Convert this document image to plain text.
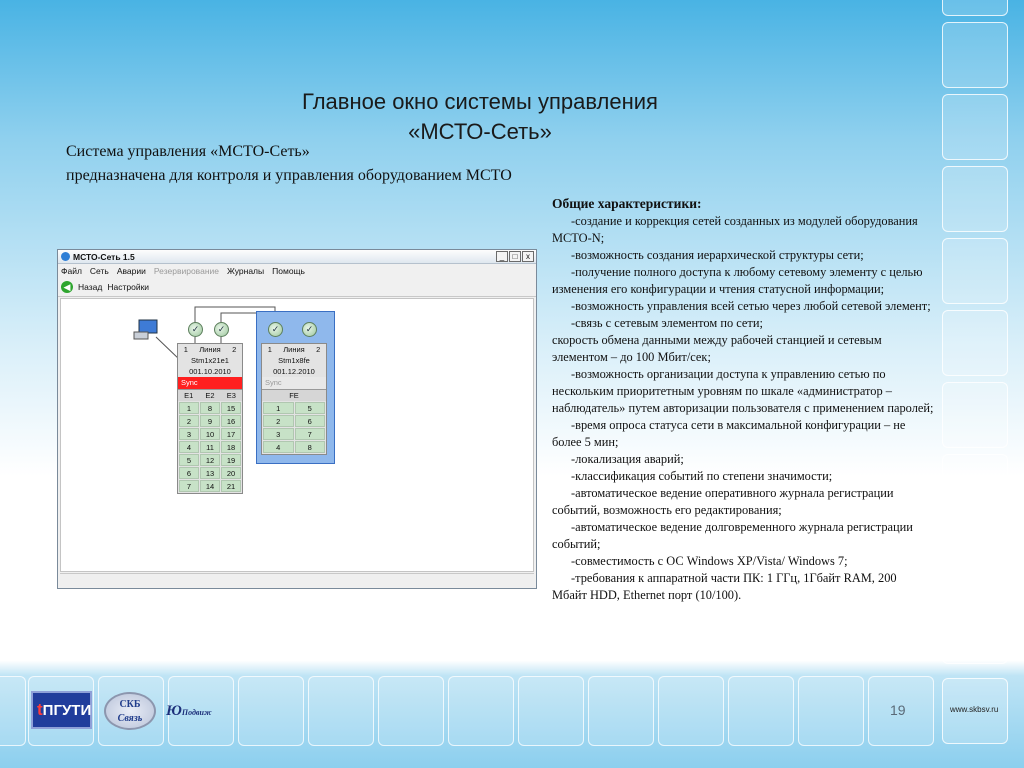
Главное окно системы управления
«МСТО-Сеть»
Система управления «МСТО-Сеть»
предназначена для контроля и управления оборудованием МСТО
Общие характеристики:

-создание и коррекция сетей созданных из модулей оборудования МСТО-N;

-возможность создания иерархической структуры сети;

-получение полного доступа к любому сетевому элементу с целью изменения его конфигурации и чтения статусной информации;

-возможность управления всей сетью через любой сетевой элемент;

-связь с сетевым элементом по сети;

скорость обмена данными между рабочей станцией и сетевым элементом – до 100 Мбит/сек;

-возможность организации доступа к управлению сетью по нескольким приоритетным уровням по шкале «администратор – наблюдатель» путем авторизации пользователя с применением паролей;

-время опроса статуса сети в максимальной конфигурации – не более 5 мин;

-локализация аварий;

-классификация событий по степени значимости;

-автоматическое ведение оперативного журнала регистрации событий, возможность его редактирования;

-автоматическое ведение долговременного журнала регистрации событий;

-совместимость с ОС Windows XP/Vista/ Windows 7;

-требования к аппаратной части ПК: 1 ГГц, 1Гбайт RAM, 200 Мбайт HDD, Ethernet порт (10/100).

МСТО-Сеть 1.5	_	□	x
Файл Сеть Аварии Резервирование Журналы Помощь
◀ Назад Настройки
✓	✓	✓	✓
1 Линия 2
Stm1x21e1
001.10.2010
Sync
E1 E2 E3
1	8	15
2	9	16
3	10	17
4	11	18
5	12	19
6	13	20
7	14	21
1 Линия 2
Stm1x8fe
001.12.2010
Sync
FE
1	5
2	6
3	7
4	8
tПГУТИ	СКБ
Связь	ЮПодвиж	19	www.skbsv.ru
